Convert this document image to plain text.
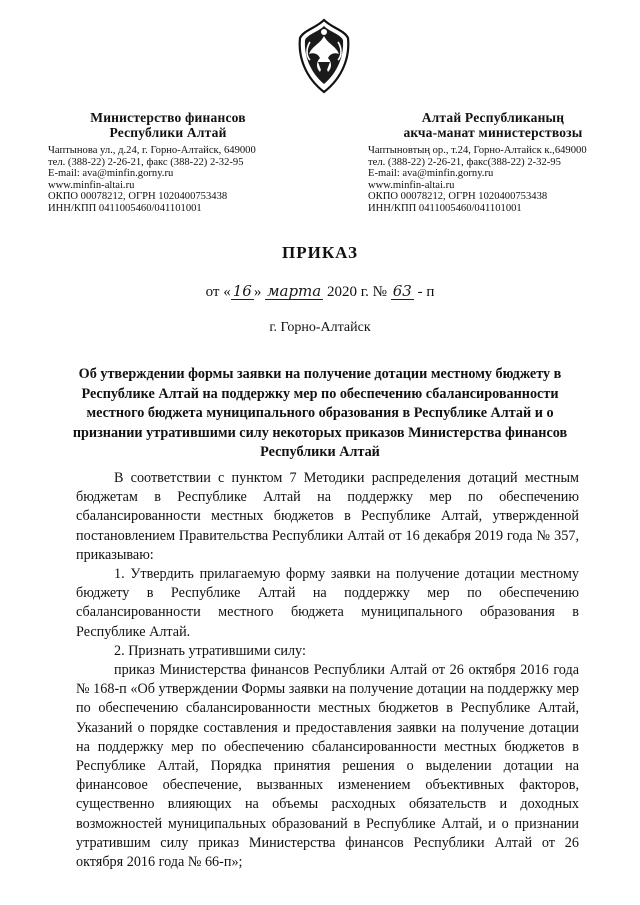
Министерство финансов
Республики Алтай
Чаптынова ул., д.24, г. Горно-Алтайск, 649000
тел. (388-22) 2-26-21, факс (388-22) 2-32-95
E-mail: ava@minfin.gorny.ru
www.minfin-altai.ru
ОКПО 00078212, ОГРН 1020400753438
ИНН/КПП 0411005460/041101001
Алтай Республиканың
акча-манат министерствозы
Чаптыновтың ор., т.24, Горно-Алтайск к.,649000
тел. (388-22) 2-26-21, факс(388-22) 2-32-95
E-mail: ava@minfin.gorny.ru
www.minfin-altai.ru
ОКПО 00078212, ОГРН 1020400753438
ИНН/КПП 0411005460/041101001
ПРИКАЗ
от « 16 » марта 2020 г. № 63 - п
г. Горно-Алтайск
Об утверждении формы заявки на получение дотации местному бюджету в Республике Алтай на поддержку мер по обеспечению сбалансированности местного бюджета муниципального образования в Республике Алтай и о признании утратившими силу некоторых приказов Министерства финансов Республики Алтай

В соответствии с пунктом 7 Методики распределения дотаций местным бюджетам в Республике Алтай на поддержку мер по обеспечению сбалансированности местных бюджетов в Республике Алтай, утвержденной постановлением Правительства Республики Алтай от 16 декабря 2019 года № 357, приказываю:

1. Утвердить прилагаемую форму заявки на получение дотации местному бюджету в Республике Алтай на поддержку мер по обеспечению сбалансированности местного бюджета муниципального образования в Республике Алтай.

2. Признать утратившими силу:

приказ Министерства финансов Республики Алтай от 26 октября 2016 года № 168-п «Об утверждении Формы заявки на получение дотации на поддержку мер по обеспечению сбалансированности местных бюджетов в Республике Алтай, Указаний о порядке составления и предоставления заявки на получение дотации на поддержку мер по обеспечению сбалансированности местных бюджетов в Республике Алтай, Порядка принятия решения о выделении дотации на финансовое обеспечение, вызванных изменением объективных факторов, существенно влияющих на объемы расходных обязательств и доходных возможностей муниципальных образований в Республике Алтай, и о признании утратившим силу приказ Министерства финансов Республики Алтай от 26 октября 2016 года № 66-п»;
